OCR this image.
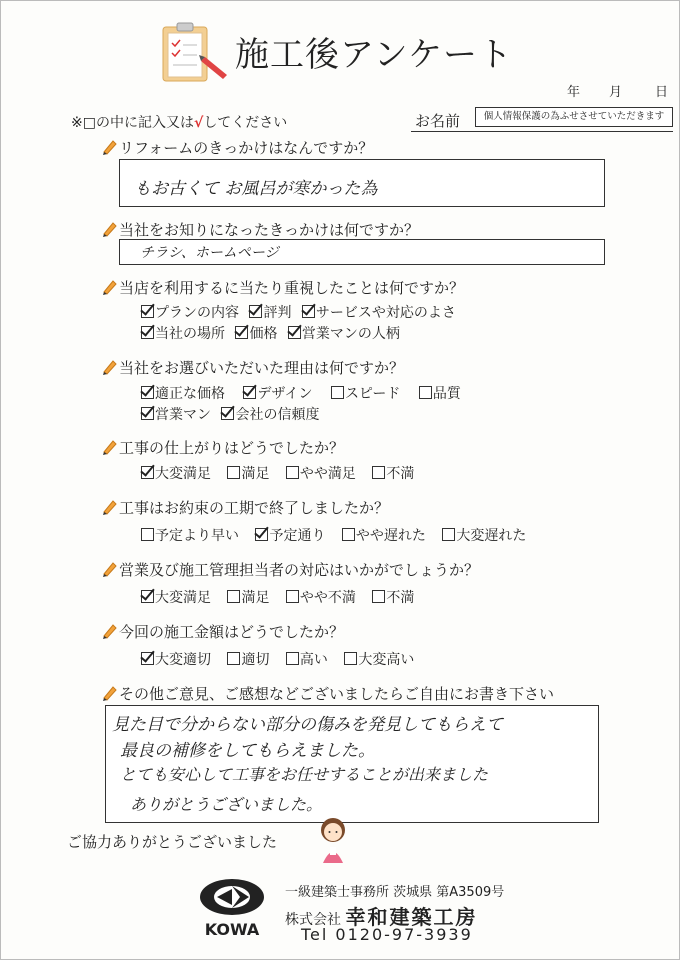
施工後アンケート
年 月	日
※□の中に記入又は√してください	お名前	個人情報保護の為ふせさせていただきます
リフォームのきっかけはなんですか？
もお古くて お風呂が寒かった為
当社をお知りになったきっかけは何ですか？
チラシ、ホームページ
当店を利用するに当たり重視したことは何ですか？
プランの内容 評判 サービスや対応のよさ
当社の場所 価格 営業マンの人柄
当社をお選びいただいた理由は何ですか？
適正な価格 デザイン スピード 品質
営業マン 会社の信頼度
工事の仕上がりはどうでしたか？
大変満足 満足 やや満足 不満
工事はお約束の工期で終了しましたか？
予定より早い 予定通り やや遅れた 大変遅れた
営業及び施工管理担当者の対応はいかがでしょうか？
大変満足 満足 やや不満 不満
今回の施工金額はどうでしたか？
大変適切 適切 高い 大変高い
その他ご意見、ご感想などございましたらご自由にお書き下さい
見た目で分からない部分の傷みを発見してもらえて
最良の補修をしてもらえました。
とても安心して工事をお任せすることが出来ました
ありがとうございました。
ご協力ありがとうございました
KOWA
一級建築士事務所 茨城県 第A3509号
株式会社 幸和建築工房
Tel 0120-97-3939
